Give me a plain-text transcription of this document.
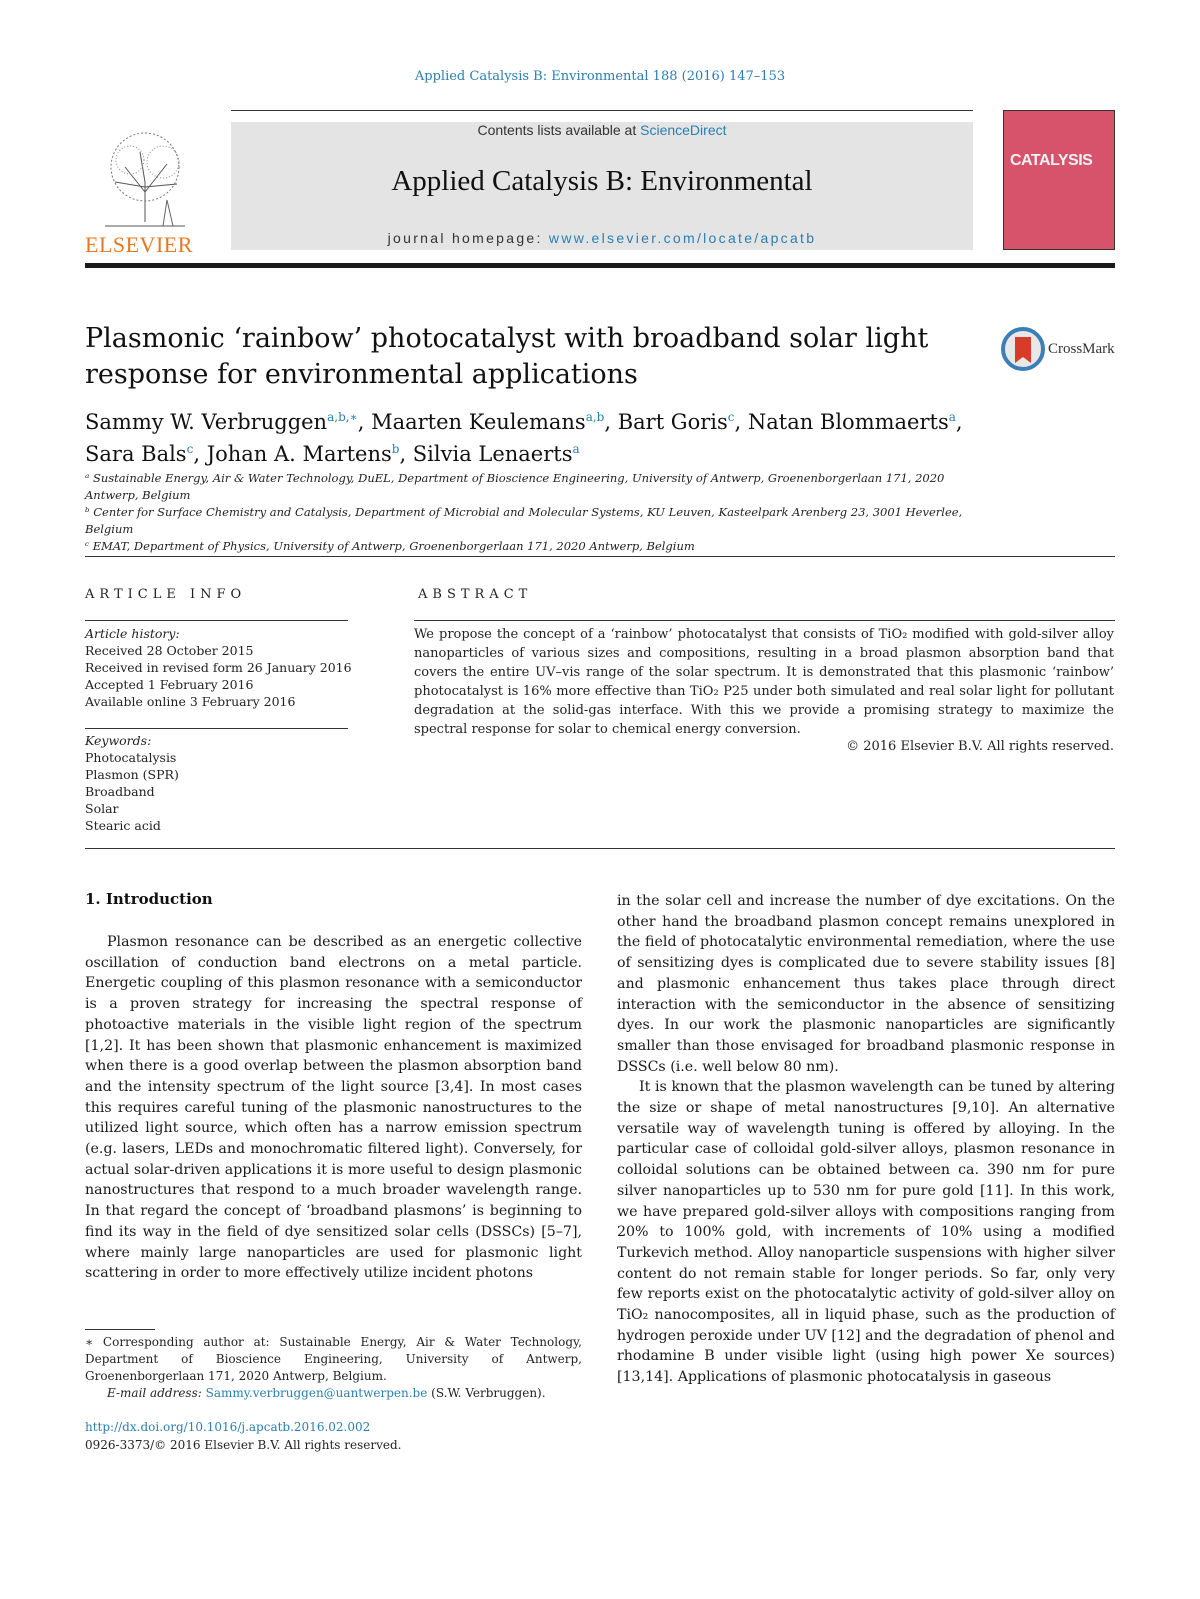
Applied Catalysis B: Environmental 188 (2016) 147–153
ELSEVIER
Contents lists available at ScienceDirect
Applied Catalysis B: Environmental
journal homepage: www.elsevier.com/locate/apcatb
CATALYSIS
Plasmonic ‘rainbow’ photocatalyst with broadband solar light response for environmental applications
CrossMark
Sammy W. Verbruggen$^{a,b,∗}$, Maarten Keulemans$^{a,b}$, Bart Goris$^c$, Natan Blommaerts$^a$,
Sara Bals$^c$, Johan A. Martens$^b$, Silvia Lenaerts$^a$
ᵃ Sustainable Energy, Air & Water Technology, DuEL, Department of Bioscience Engineering, University of Antwerp, Groenenborgerlaan 171, 2020 Antwerp, Belgium
ᵇ Center for Surface Chemistry and Catalysis, Department of Microbial and Molecular Systems, KU Leuven, Kasteelpark Arenberg 23, 3001 Heverlee, Belgium
ᶜ EMAT, Department of Physics, University of Antwerp, Groenenborgerlaan 171, 2020 Antwerp, Belgium
ARTICLE INFO	ABSTRACT
Article history:
Received 28 October 2015
Received in revised form 26 January 2016
Accepted 1 February 2016
Available online 3 February 2016
Keywords:
Photocatalysis
Plasmon (SPR)
Broadband
Solar
Stearic acid
We propose the concept of a ‘rainbow’ photocatalyst that consists of TiO₂ modified with gold-silver alloy nanoparticles of various sizes and compositions, resulting in a broad plasmon absorption band that covers the entire UV–vis range of the solar spectrum. It is demonstrated that this plasmonic ‘rainbow’ photocatalyst is 16% more effective than TiO₂ P25 under both simulated and real solar light for pollutant degradation at the solid-gas interface. With this we provide a promising strategy to maximize the spectral response for solar to chemical energy conversion.
© 2016 Elsevier B.V. All rights reserved.
1. Introduction

Plasmon resonance can be described as an energetic collective oscillation of conduction band electrons on a metal particle. Energetic coupling of this plasmon resonance with a semiconductor is a proven strategy for increasing the spectral response of photoactive materials in the visible light region of the spectrum [1,2]. It has been shown that plasmonic enhancement is maximized when there is a good overlap between the plasmon absorption band and the intensity spectrum of the light source [3,4]. In most cases this requires careful tuning of the plasmonic nanostructures to the utilized light source, which often has a narrow emission spectrum (e.g. lasers, LEDs and monochromatic filtered light). Conversely, for actual solar-driven applications it is more useful to design plasmonic nanostructures that respond to a much broader wavelength range. In that regard the concept of ‘broadband plasmons’ is beginning to find its way in the field of dye sensitized solar cells (DSSCs) [5–7], where mainly large nanoparticles are used for plasmonic light scattering in order to more effectively utilize incident photons

in the solar cell and increase the number of dye excitations. On the other hand the broadband plasmon concept remains unexplored in the field of photocatalytic environmental remediation, where the use of sensitizing dyes is complicated due to severe stability issues [8] and plasmonic enhancement thus takes place through direct interaction with the semiconductor in the absence of sensitizing dyes. In our work the plasmonic nanoparticles are significantly smaller than those envisaged for broadband plasmonic response in DSSCs (i.e. well below 80 nm).

It is known that the plasmon wavelength can be tuned by altering the size or shape of metal nanostructures [9,10]. An alternative versatile way of wavelength tuning is offered by alloying. In the particular case of colloidal gold-silver alloys, plasmon resonance in colloidal solutions can be obtained between ca. 390 nm for pure silver nanoparticles up to 530 nm for pure gold [11]. In this work, we have prepared gold-silver alloys with compositions ranging from 20% to 100% gold, with increments of 10% using a modified Turkevich method. Alloy nanoparticle suspensions with higher silver content do not remain stable for longer periods. So far, only very few reports exist on the photocatalytic activity of gold-silver alloy on TiO₂ nanocomposites, all in liquid phase, such as the production of hydrogen peroxide under UV [12] and the degradation of phenol and rhodamine B under visible light (using high power Xe sources) [13,14]. Applications of plasmonic photocatalysis in gaseous

∗ Corresponding author at: Sustainable Energy, Air & Water Technology, Department of Bioscience Engineering, University of Antwerp, Groenenborgerlaan 171, 2020 Antwerp, Belgium.
E-mail address: Sammy.verbruggen@uantwerpen.be (S.W. Verbruggen).
http://dx.doi.org/10.1016/j.apcatb.2016.02.002
0926-3373/© 2016 Elsevier B.V. All rights reserved.
